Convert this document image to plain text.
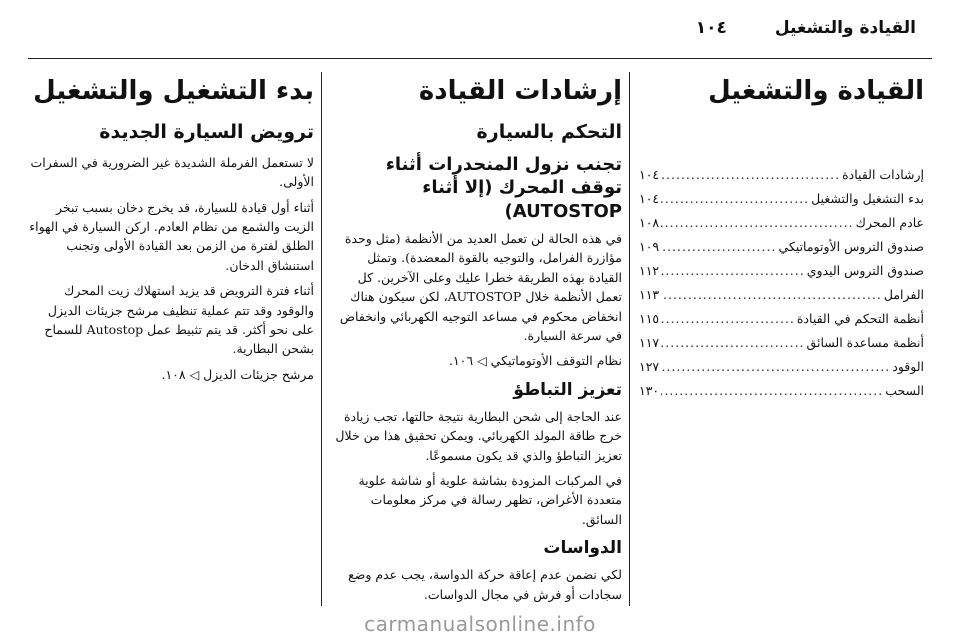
القيادة والتشغيل
١٠٤
القيادة والتشغيل
إرشادات القيادة
.....
١٠٤
بدء التشغيل والتشغيل
.....
١٠٤
عادم المحرك
.....
١٠٨
صندوق التروس الأوتوماتيكي
.....
١٠٩
صندوق التروس اليدوي
.....
١١٢
الفرامل
.....
١١٣
أنظمة التحكم في القيادة
.....
١١٥
أنظمة مساعدة السائق
.....
١١٧
الوقود
.....
١٢٧
السحب
.....
١٣٠
إرشادات القيادة
التحكم بالسيارة
تجنب نزول المنحدرات أثناء توقف المحرك (إلا أثناء AUTOSTOP)

في هذه الحالة لن تعمل العديد من الأنظمة (مثل وحدة مؤازرة الفرامل، والتوجيه بالقوة المعضدة). وتمثل القيادة بهذه الطريقة خطرا عليك وعلى الآخرين. كل تعمل الأنظمة خلال AUTOSTOP، لكن سيكون هناك انخفاض محكوم في مساعد التوجيه الكهربائي وانخفاض في سرعة السيارة.

نظام التوقف الأوتوماتيكي ◁ ١٠٦.

تعزيز التباطؤ

عند الحاجة إلى شحن البطارية نتيجة حالتها، تجب زيادة خرج طاقة المولد الكهربائي. ويمكن تحقيق هذا من خلال تعزيز التباطؤ والذي قد يكون مسموعًا.

في المركبات المزودة بشاشة علوية أو شاشة علوية متعددة الأغراض، تظهر رسالة في مركز معلومات السائق.

الدواسات

لكي نضمن عدم إعاقة حركة الدواسة، يجب عدم وضع سجادات أو فرش في مجال الدواسات.

بدء التشغيل والتشغيل
ترويض السيارة الجديدة

لا تستعمل الفرملة الشديدة غير الضرورية في السفرات الأولى.

أثناء أول قيادة للسيارة، قد يخرج دخان بسبب تبخر الزيت والشمع من نظام العادم. اركن السيارة في الهواء الطلق لفترة من الزمن بعد القيادة الأولى وتجنب استنشاق الدخان.

أثناء فترة الترويض قد يزيد استهلاك زيت المحرك والوقود وقد تتم عملية تنظيف مرشح جزيئات الديزل على نحو أكثر. قد يتم تثبيط عمل Autostop للسماح بشحن البطارية.

مرشح جزيئات الديزل ◁ ١٠٨.

carmanualsonline.info
